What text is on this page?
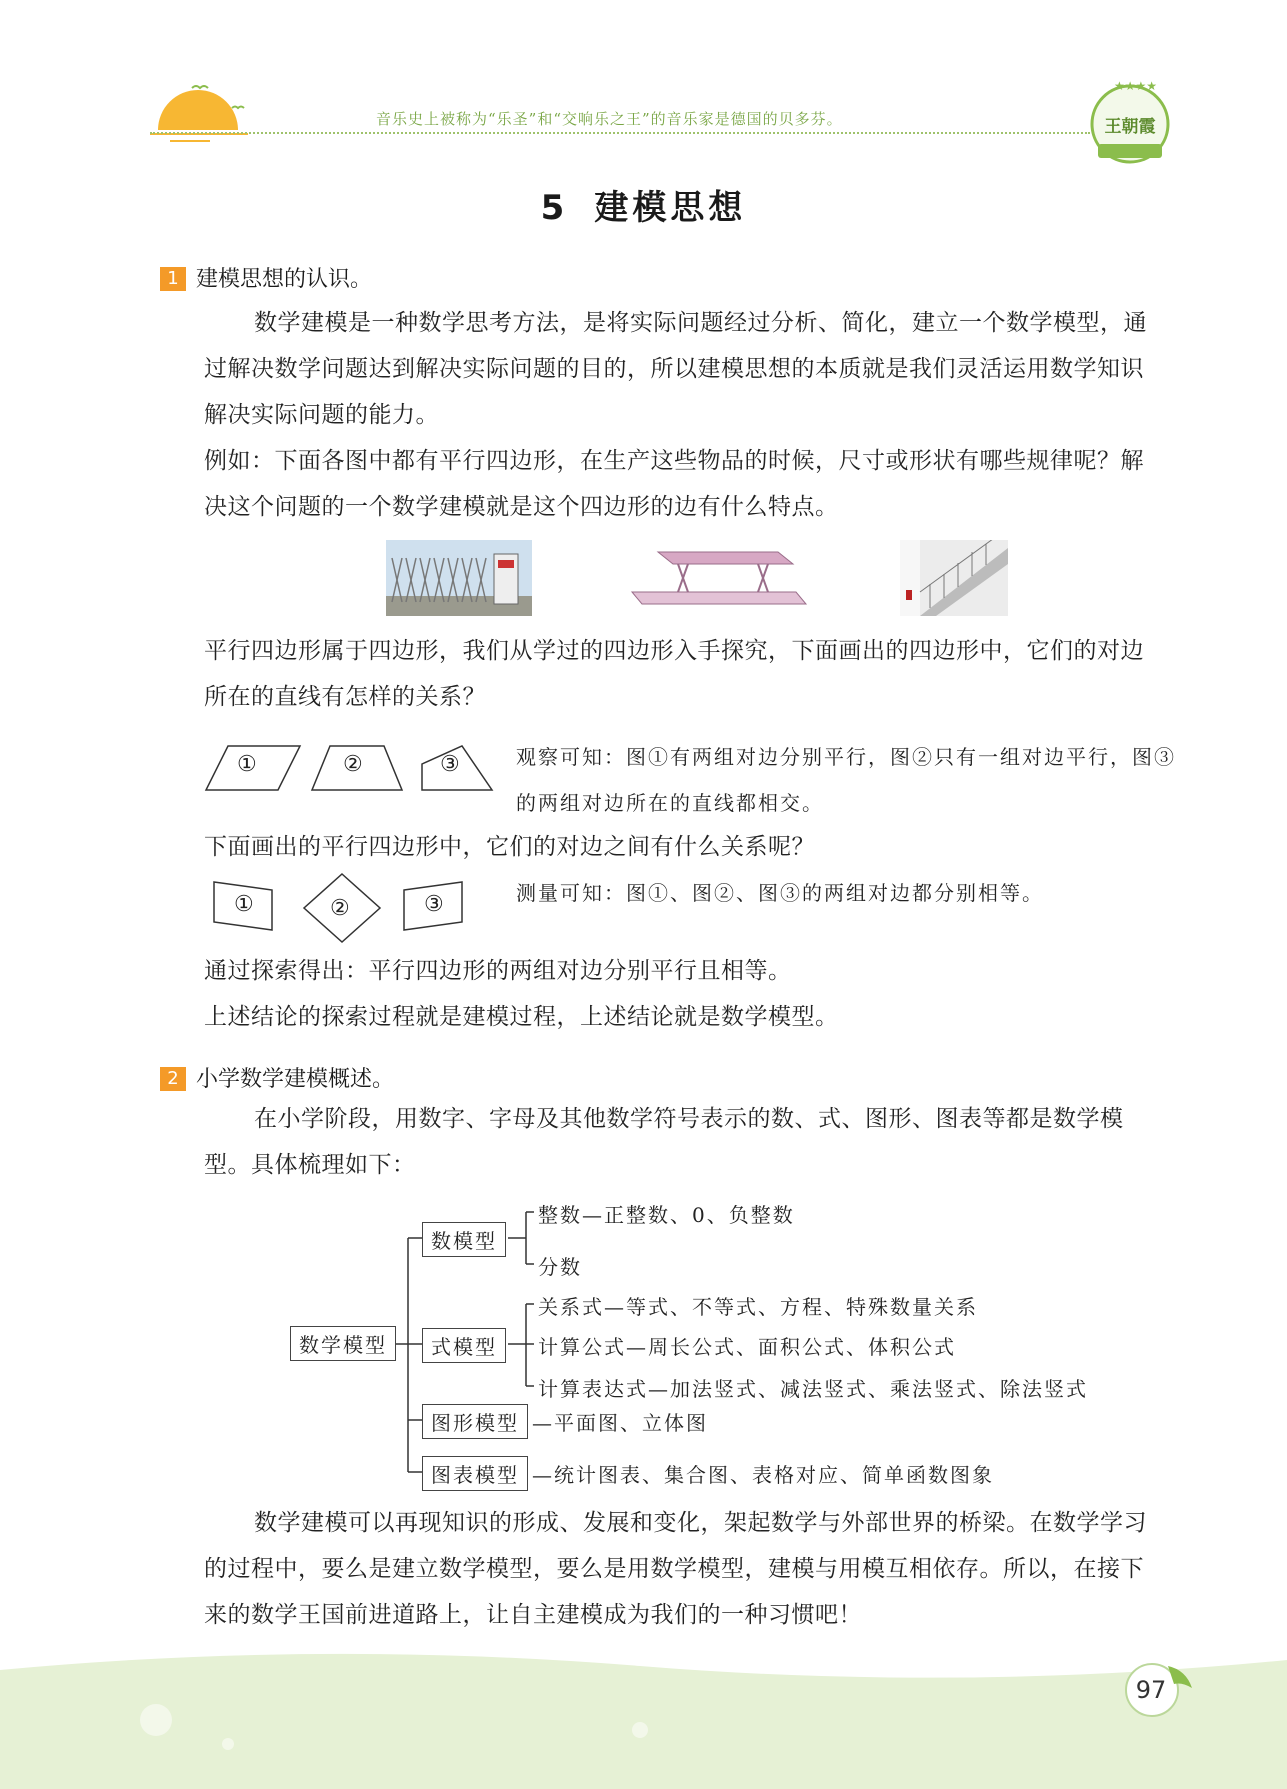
音乐史上被称为“乐圣”和“交响乐之王”的音乐家是德国的贝多芬。
★★★★
王朝霞
5 建模思想
1 建模思想的认识。
数学建模是一种数学思考方法，是将实际问题经过分析、简化，建立一个数学模型，通过解决数学问题达到解决实际问题的目的，所以建模思想的本质就是我们灵活运用数学知识解决实际问题的能力。
例如：下面各图中都有平行四边形，在生产这些物品的时候，尺寸或形状有哪些规律呢？解决这个问题的一个数学建模就是这个四边形的边有什么特点。
平行四边形属于四边形，我们从学过的四边形入手探究，下面画出的四边形中，它们的对边所在的直线有怎样的关系？
①	②	③	观察可知：图①有两组对边分别平行，图②只有一组对边平行，图③的两组对边所在的直线都相交。
下面画出的平行四边形中，它们的对边之间有什么关系呢？
①	②	③	测量可知：图①、图②、图③的两组对边都分别相等。
通过探索得出：平行四边形的两组对边分别平行且相等。
上述结论的探索过程就是建模过程，上述结论就是数学模型。
2 小学数学建模概述。
在小学阶段，用数字、字母及其他数学符号表示的数、式、图形、图表等都是数学模型。具体梳理如下：
数学模型
数模型
式模型
图形模型
图表模型
整数—正整数、0、负整数
分数
关系式—等式、不等式、方程、特殊数量关系
计算公式—周长公式、面积公式、体积公式
计算表达式—加法竖式、减法竖式、乘法竖式、除法竖式
—平面图、立体图
—统计图表、集合图、表格对应、简单函数图象
数学建模可以再现知识的形成、发展和变化，架起数学与外部世界的桥梁。在数学学习的过程中，要么是建立数学模型，要么是用数学模型，建模与用模互相依存。所以，在接下来的数学王国前进道路上，让自主建模成为我们的一种习惯吧！
97
